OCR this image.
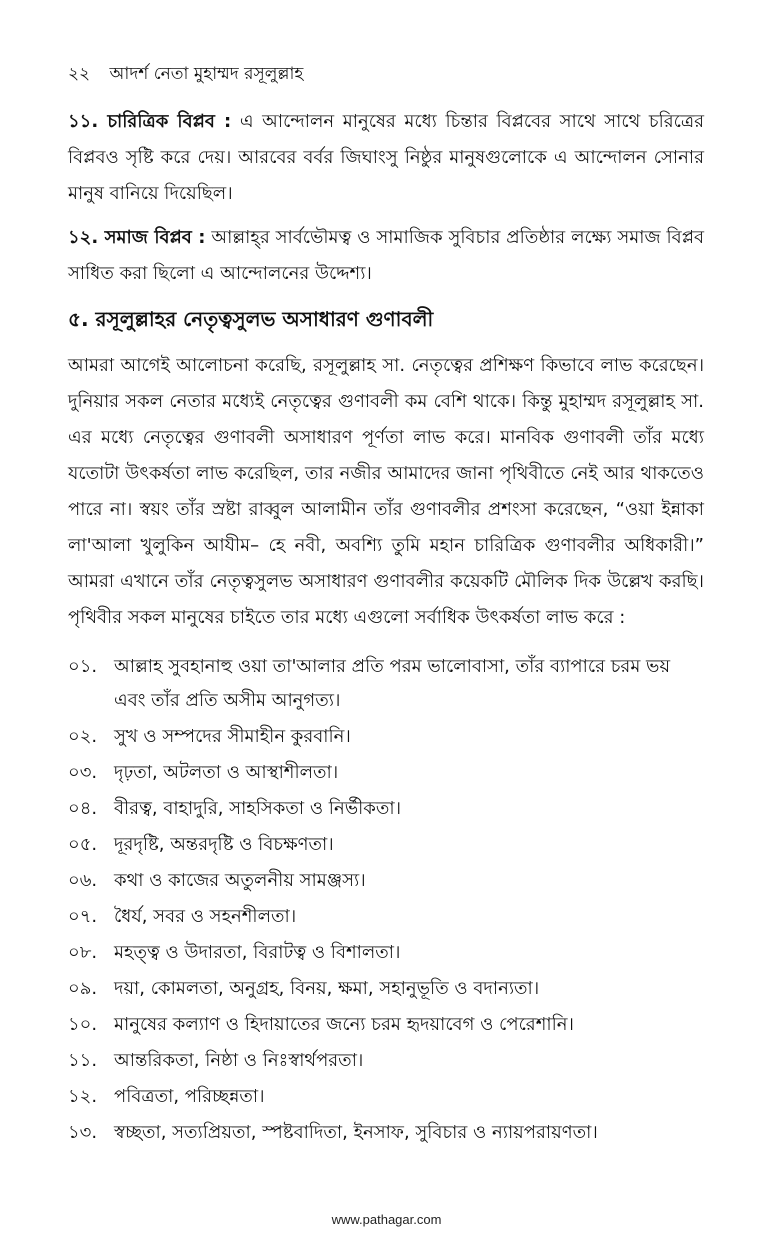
২২ আদর্শ নেতা মুহাম্মদ রসূলুল্লাহ

১১. চারিত্রিক বিপ্লব : এ আন্দোলন মানুষের মধ্যে চিন্তার বিপ্লবের সাথে সাথে চরিত্রের বিপ্লবও সৃষ্টি করে দেয়। আরবের বর্বর জিঘাংসু নিষ্ঠুর মানুষগুলোকে এ আন্দোলন সোনার মানুষ বানিয়ে দিয়েছিল।

১২. সমাজ বিপ্লব : আল্লাহ্‌র সার্বভৌমত্ব ও সামাজিক সুবিচার প্রতিষ্ঠার লক্ষ্যে সমাজ বিপ্লব সাধিত করা ছিলো এ আন্দোলনের উদ্দেশ্য।

৫. রসূলুল্লাহর নেতৃত্বসুলভ অসাধারণ গুণাবলী

আমরা আগেই আলোচনা করেছি, রসূলুল্লাহ সা. নেতৃত্বের প্রশিক্ষণ কিভাবে লাভ করেছেন। দুনিয়ার সকল নেতার মধ্যেই নেতৃত্বের গুণাবলী কম বেশি থাকে। কিন্তু মুহাম্মদ রসূলুল্লাহ সা. এর মধ্যে নেতৃত্বের গুণাবলী অসাধারণ পূর্ণতা লাভ করে। মানবিক গুণাবলী তাঁর মধ্যে যতোটা উৎকর্ষতা লাভ করেছিল, তার নজীর আমাদের জানা পৃথিবীতে নেই আর থাকতেও পারে না। স্বয়ং তাঁর স্রষ্টা রাব্বুল আলামীন তাঁর গুণাবলীর প্রশংসা করেছেন, “ওয়া ইন্নাকা লা'আলা খুলুকিন আযীম– হে নবী, অবশ্যি তুমি মহান চারিত্রিক গুণাবলীর অধিকারী।” আমরা এখানে তাঁর নেতৃত্বসুলভ অসাধারণ গুণাবলীর কয়েকটি মৌলিক দিক উল্লেখ করছি। পৃথিবীর সকল মানুষের চাইতে তার মধ্যে এগুলো সর্বাধিক উৎকর্ষতা লাভ করে :

০১. আল্লাহ সুবহানাহু ওয়া তা'আলার প্রতি পরম ভালোবাসা, তাঁর ব্যাপারে চরম ভয় এবং তাঁর প্রতি অসীম আনুগত্য।
০২. সুখ ও সম্পদের সীমাহীন কুরবানি।
০৩. দৃঢ়তা, অটলতা ও আস্থাশীলতা।
০৪. বীরত্ব, বাহাদুরি, সাহসিকতা ও নির্ভীকতা।
০৫. দূরদৃষ্টি, অন্তরদৃষ্টি ও বিচক্ষণতা।
০৬. কথা ও কাজের অতুলনীয় সামঞ্জস্য।
০৭. ধৈর্য, সবর ও সহনশীলতা।
০৮. মহত্ত্ব ও উদারতা, বিরাটত্ব ও বিশালতা।
০৯. দয়া, কোমলতা, অনুগ্রহ, বিনয়, ক্ষমা, সহানুভূতি ও বদান্যতা।
১০. মানুষের কল্যাণ ও হিদায়াতের জন্যে চরম হৃদয়াবেগ ও পেরেশানি।
১১. আন্তরিকতা, নিষ্ঠা ও নিঃস্বার্থপরতা।
১২. পবিত্রতা, পরিচ্ছন্নতা।
১৩. স্বচ্ছতা, সত্যপ্রিয়তা, স্পষ্টবাদিতা, ইনসাফ, সুবিচার ও ন্যায়পরায়ণতা।
www.pathagar.com
